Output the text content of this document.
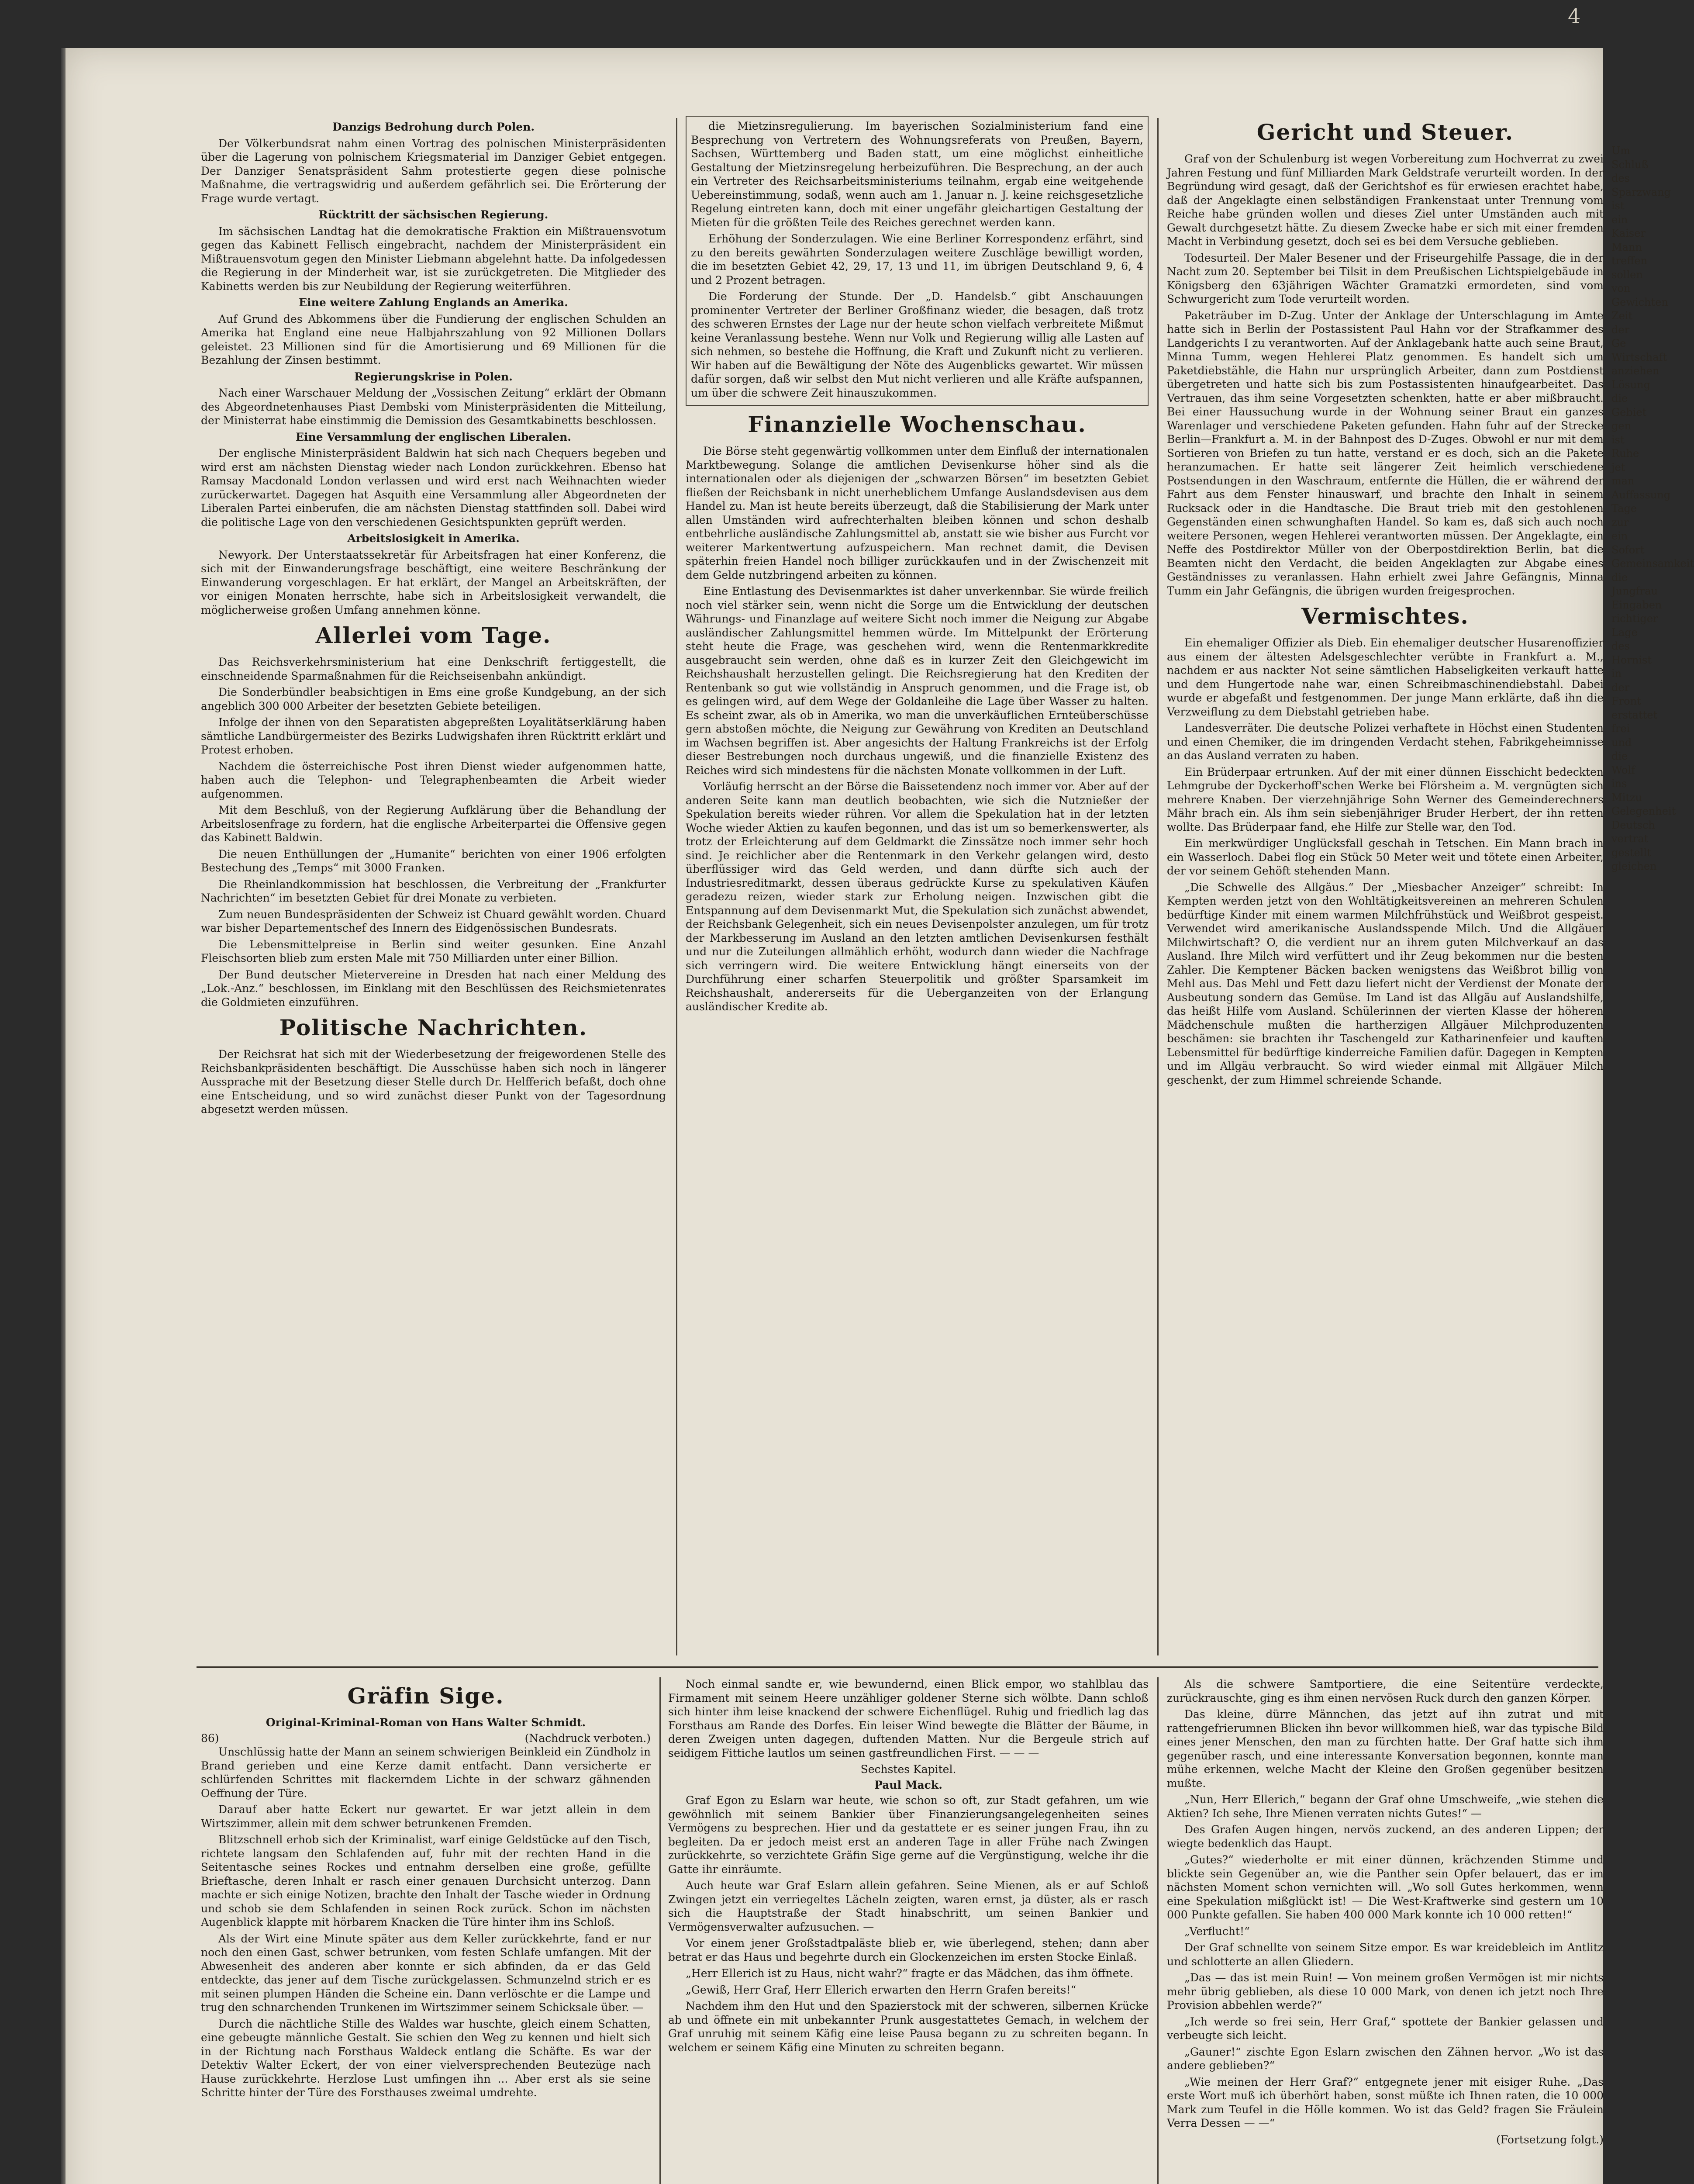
4

Danzigs Bedrohung durch Polen.

Der Völkerbundsrat nahm einen Vortrag des polnischen Ministerpräsidenten über die Lagerung von polnischem Kriegsmaterial im Danziger Gebiet entgegen. Der Danziger Senatspräsident Sahm protestierte gegen diese polnische Maßnahme, die vertragswidrig und außerdem gefährlich sei. Die Erörterung der Frage wurde vertagt.

Rücktritt der sächsischen Regierung.

Im sächsischen Landtag hat die demokratische Fraktion ein Mißtrauensvotum gegen das Kabinett Fellisch eingebracht, nachdem der Ministerpräsident ein Mißtrauensvotum gegen den Minister Liebmann abgelehnt hatte. Da infolgedessen die Regierung in der Minderheit war, ist sie zurückgetreten. Die Mitglieder des Kabinetts werden bis zur Neubildung der Regierung weiterführen.

Eine weitere Zahlung Englands an Amerika.

Auf Grund des Abkommens über die Fundierung der englischen Schulden an Amerika hat England eine neue Halbjahrszahlung von 92 Millionen Dollars geleistet. 23 Millionen sind für die Amortisierung und 69 Millionen für die Bezahlung der Zinsen bestimmt.

Regierungskrise in Polen.

Nach einer Warschauer Meldung der „Vossischen Zeitung“ erklärt der Obmann des Abgeordnetenhauses Piast Dembski vom Ministerpräsidenten die Mitteilung, der Ministerrat habe einstimmig die Demission des Gesamtkabinetts beschlossen.

Eine Versammlung der englischen Liberalen.

Der englische Ministerpräsident Baldwin hat sich nach Chequers begeben und wird erst am nächsten Dienstag wieder nach London zurückkehren. Ebenso hat Ramsay Macdonald London verlassen und wird erst nach Weihnachten wieder zurückerwartet. Dagegen hat Asquith eine Versammlung aller Abgeordneten der Liberalen Partei einberufen, die am nächsten Dienstag stattfinden soll. Dabei wird die politische Lage von den verschiedenen Gesichtspunkten geprüft werden.

Arbeitslosigkeit in Amerika.

Newyork. Der Unterstaatssekretär für Arbeitsfragen hat einer Konferenz, die sich mit der Einwanderungsfrage beschäftigt, eine weitere Beschränkung der Einwanderung vorgeschlagen. Er hat erklärt, der Mangel an Arbeitskräften, der vor einigen Monaten herrschte, habe sich in Arbeitslosigkeit verwandelt, die möglicherweise großen Umfang annehmen könne.

Allerlei vom Tage.

Das Reichsverkehrsministerium hat eine Denkschrift fertiggestellt, die einschneidende Sparmaßnahmen für die Reichseisenbahn ankündigt.

Die Sonderbündler beabsichtigen in Ems eine große Kundgebung, an der sich angeblich 300 000 Arbeiter der besetzten Gebiete beteiligen.

Infolge der ihnen von den Separatisten abgepreßten Loyalitätserklärung haben sämtliche Landbürgermeister des Bezirks Ludwigshafen ihren Rücktritt erklärt und Protest erhoben.

Nachdem die österreichische Post ihren Dienst wieder aufgenommen hatte, haben auch die Telephon- und Telegraphenbeamten die Arbeit wieder aufgenommen.

Mit dem Beschluß, von der Regierung Aufklärung über die Behandlung der Arbeitslosenfrage zu fordern, hat die englische Arbeiterpartei die Offensive gegen das Kabinett Baldwin.

Die neuen Enthüllungen der „Humanite“ berichten von einer 1906 erfolgten Bestechung des „Temps“ mit 3000 Franken.

Die Rheinlandkommission hat beschlossen, die Verbreitung der „Frankfurter Nachrichten“ im besetzten Gebiet für drei Monate zu verbieten.

Zum neuen Bundespräsidenten der Schweiz ist Chuard gewählt worden. Chuard war bisher Departementschef des Innern des Eidgenössischen Bundesrats.

Die Lebensmittelpreise in Berlin sind weiter gesunken. Eine Anzahl Fleischsorten blieb zum ersten Male mit 750 Milliarden unter einer Billion.

Der Bund deutscher Mietervereine in Dresden hat nach einer Meldung des „Lok.-Anz.“ beschlossen, im Einklang mit den Beschlüssen des Reichsmietenrates die Goldmieten einzuführen.

Politische Nachrichten.

Der Reichsrat hat sich mit der Wiederbesetzung der freigewordenen Stelle des Reichsbankpräsidenten beschäftigt. Die Ausschüsse haben sich noch in längerer Aussprache mit der Besetzung dieser Stelle durch Dr. Helfferich befaßt, doch ohne eine Entscheidung, und so wird zunächst dieser Punkt von der Tagesordnung abgesetzt werden müssen.

die Mietzinsregulierung. Im bayerischen Sozialministerium fand eine Besprechung von Vertretern des Wohnungsreferats von Preußen, Bayern, Sachsen, Württemberg und Baden statt, um eine möglichst einheitliche Gestaltung der Mietzinsregelung herbeizuführen. Die Besprechung, an der auch ein Vertreter des Reichsarbeitsministeriums teilnahm, ergab eine weitgehende Uebereinstimmung, sodaß, wenn auch am 1. Januar n. J. keine reichsgesetzliche Regelung eintreten kann, doch mit einer ungefähr gleichartigen Gestaltung der Mieten für die größten Teile des Reiches gerechnet werden kann.

Erhöhung der Sonderzulagen. Wie eine Berliner Korrespondenz erfährt, sind zu den bereits gewährten Sonderzulagen weitere Zuschläge bewilligt worden, die im besetzten Gebiet 42, 29, 17, 13 und 11, im übrigen Deutschland 9, 6, 4 und 2 Prozent betragen.

Die Forderung der Stunde. Der „D. Handelsb.“ gibt Anschauungen prominenter Vertreter der Berliner Großfinanz wieder, die besagen, daß trotz des schweren Ernstes der Lage nur der heute schon vielfach verbreitete Mißmut keine Veranlassung bestehe. Wenn nur Volk und Regierung willig alle Lasten auf sich nehmen, so bestehe die Hoffnung, die Kraft und Zukunft nicht zu verlieren. Wir haben auf die Bewältigung der Nöte des Augenblicks gewartet. Wir müssen dafür sorgen, daß wir selbst den Mut nicht verlieren und alle Kräfte aufspannen, um über die schwere Zeit hinauszukommen.

Finanzielle Wochenschau.

Die Börse steht gegenwärtig vollkommen unter dem Einfluß der internationalen Marktbewegung. Solange die amtlichen Devisenkurse höher sind als die internationalen oder als diejenigen der „schwarzen Börsen“ im besetzten Gebiet fließen der Reichsbank in nicht unerheblichem Umfange Auslandsdevisen aus dem Handel zu. Man ist heute bereits überzeugt, daß die Stabilisierung der Mark unter allen Umständen wird aufrechterhalten bleiben können und schon deshalb entbehrliche ausländische Zahlungsmittel ab, anstatt sie wie bisher aus Furcht vor weiterer Markentwertung aufzuspeichern. Man rechnet damit, die Devisen späterhin freien Handel noch billiger zurückkaufen und in der Zwischenzeit mit dem Gelde nutzbringend arbeiten zu können.

Eine Entlastung des Devisenmarktes ist daher unverkennbar. Sie würde freilich noch viel stärker sein, wenn nicht die Sorge um die Entwicklung der deutschen Währungs- und Finanzlage auf weitere Sicht noch immer die Neigung zur Abgabe ausländischer Zahlungsmittel hemmen würde. Im Mittelpunkt der Erörterung steht heute die Frage, was geschehen wird, wenn die Rentenmarkkredite ausgebraucht sein werden, ohne daß es in kurzer Zeit den Gleichgewicht im Reichshaushalt herzustellen gelingt. Die Reichsregierung hat den Krediten der Rentenbank so gut wie vollständig in Anspruch genommen, und die Frage ist, ob es gelingen wird, auf dem Wege der Goldanleihe die Lage über Wasser zu halten. Es scheint zwar, als ob in Amerika, wo man die unverkäuflichen Ernteüberschüsse gern abstoßen möchte, die Neigung zur Gewährung von Krediten an Deutschland im Wachsen begriffen ist. Aber angesichts der Haltung Frankreichs ist der Erfolg dieser Bestrebungen noch durchaus ungewiß, und die finanzielle Existenz des Reiches wird sich mindestens für die nächsten Monate vollkommen in der Luft.

Vorläufig herrscht an der Börse die Baissetendenz noch immer vor. Aber auf der anderen Seite kann man deutlich beobachten, wie sich die Nutznießer der Spekulation bereits wieder rühren. Vor allem die Spekulation hat in der letzten Woche wieder Aktien zu kaufen begonnen, und das ist um so bemerkenswerter, als trotz der Erleichterung auf dem Geldmarkt die Zinssätze noch immer sehr hoch sind. Je reichlicher aber die Rentenmark in den Verkehr gelangen wird, desto überflüssiger wird das Geld werden, und dann dürfte sich auch der Industriesreditmarkt, dessen überaus gedrückte Kurse zu spekulativen Käufen geradezu reizen, wieder stark zur Erholung neigen. Inzwischen gibt die Entspannung auf dem Devisenmarkt Mut, die Spekulation sich zunächst abwendet, der Reichsbank Gelegenheit, sich ein neues Devisenpolster anzulegen, um für trotz der Markbesserung im Ausland an den letzten amtlichen Devisenkursen festhält und nur die Zuteilungen allmählich erhöht, wodurch dann wieder die Nachfrage sich verringern wird. Die weitere Entwicklung hängt einerseits von der Durchführung einer scharfen Steuerpolitik und größter Sparsamkeit im Reichshaushalt, andererseits für die Ueberganzeiten von der Erlangung ausländischer Kredite ab.

Gericht und Steuer.

Graf von der Schulenburg ist wegen Vorbereitung zum Hochverrat zu zwei Jahren Festung und fünf Milliarden Mark Geldstrafe verurteilt worden. In der Begründung wird gesagt, daß der Gerichtshof es für erwiesen erachtet habe, daß der Angeklagte einen selbständigen Frankenstaat unter Trennung vom Reiche habe gründen wollen und dieses Ziel unter Umständen auch mit Gewalt durchgesetzt hätte. Zu diesem Zwecke habe er sich mit einer fremden Macht in Verbindung gesetzt, doch sei es bei dem Versuche geblieben.

Todesurteil. Der Maler Besener und der Friseurgehilfe Passage, die in der Nacht zum 20. September bei Tilsit in dem Preußischen Lichtspielgebäude in Königsberg den 63jährigen Wächter Gramatzki ermordeten, sind vom Schwurgericht zum Tode verurteilt worden.

Paketräuber im D-Zug. Unter der Anklage der Unterschlagung im Amte hatte sich in Berlin der Postassistent Paul Hahn vor der Strafkammer des Landgerichts I zu verantworten. Auf der Anklagebank hatte auch seine Braut, Minna Tumm, wegen Hehlerei Platz genommen. Es handelt sich um Paketdiebstähle, die Hahn nur ursprünglich Arbeiter, dann zum Postdienst übergetreten und hatte sich bis zum Postassistenten hinaufgearbeitet. Das Vertrauen, das ihm seine Vorgesetzten schenkten, hatte er aber mißbraucht. Bei einer Haussuchung wurde in der Wohnung seiner Braut ein ganzes Warenlager und verschiedene Paketen gefunden. Hahn fuhr auf der Strecke Berlin—Frankfurt a. M. in der Bahnpost des D-Zuges. Obwohl er nur mit dem Sortieren von Briefen zu tun hatte, verstand er es doch, sich an die Pakete heranzumachen. Er hatte seit längerer Zeit heimlich verschiedene Postsendungen in den Waschraum, entfernte die Hüllen, die er während der Fahrt aus dem Fenster hinauswarf, und brachte den Inhalt in seinem Rucksack oder in die Handtasche. Die Braut trieb mit den gestohlenen Gegenständen einen schwunghaften Handel. So kam es, daß sich auch noch weitere Personen, wegen Hehlerei verantworten müssen. Der Angeklagte, ein Neffe des Postdirektor Müller von der Oberpostdirektion Berlin, bat die Beamten nicht den Verdacht, die beiden Angeklagten zur Abgabe eines Geständnisses zu veranlassen. Hahn erhielt zwei Jahre Gefängnis, Minna Tumm ein Jahr Gefängnis, die übrigen wurden freigesprochen.

Vermischtes.

Ein ehemaliger Offizier als Dieb. Ein ehemaliger deutscher Husarenoffizier aus einem der ältesten Adelsgeschlechter verübte in Frankfurt a. M., nachdem er aus nackter Not seine sämtlichen Habseligkeiten verkauft hatte und dem Hungertode nahe war, einen Schreibmaschinendiebstahl. Dabei wurde er abgefaßt und festgenommen. Der junge Mann erklärte, daß ihn die Verzweiflung zu dem Diebstahl getrieben habe.

Landesverräter. Die deutsche Polizei verhaftete in Höchst einen Studenten und einen Chemiker, die im dringenden Verdacht stehen, Fabrikgeheimnisse an das Ausland verraten zu haben.

Ein Brüderpaar ertrunken. Auf der mit einer dünnen Eisschicht bedeckten Lehmgrube der Dyckerhoff'schen Werke bei Flörsheim a. M. vergnügten sich mehrere Knaben. Der vierzehnjährige Sohn Werner des Gemeinderechners Mähr brach ein. Als ihm sein siebenjähriger Bruder Herbert, der ihn retten wollte. Das Brüderpaar fand, ehe Hilfe zur Stelle war, den Tod.

Ein merkwürdiger Unglücksfall geschah in Tetschen. Ein Mann brach in ein Wasserloch. Dabei flog ein Stück 50 Meter weit und tötete einen Arbeiter, der vor seinem Gehöft stehenden Mann.

„Die Schwelle des Allgäus.“ Der „Miesbacher Anzeiger“ schreibt: In Kempten werden jetzt von den Wohltätigkeitsvereinen an mehreren Schulen bedürftige Kinder mit einem warmen Milchfrühstück und Weißbrot gespeist. Verwendet wird amerikanische Auslandsspende Milch. Und die Allgäuer Milchwirtschaft? O, die verdient nur an ihrem guten Milchverkauf an das Ausland. Ihre Milch wird verfüttert und ihr Zeug bekommen nur die besten Zahler. Die Kemptener Bäcken backen wenigstens das Weißbrot billig von Mehl aus. Das Mehl und Fett dazu liefert nicht der Verdienst der Monate der Ausbeutung sondern das Gemüse. Im Land ist das Allgäu auf Auslandshilfe, das heißt Hilfe vom Ausland. Schülerinnen der vierten Klasse der höheren Mädchenschule mußten die hartherzigen Allgäuer Milchproduzenten beschämen: sie brachten ihr Taschengeld zur Katharinenfeier und kauften Lebensmittel für bedürftige kinderreiche Familien dafür. Dagegen in Kempten und im Allgäu verbraucht. So wird wieder einmal mit Allgäuer Milch geschenkt, der zum Himmel schreiende Schande.

Gräfin Sige.
Original-Kriminal-Roman von Hans Walter Schmidt.
86)	(Nachdruck verboten.)

Unschlüssig hatte der Mann an seinem schwierigen Beinkleid ein Zündholz in Brand gerieben und eine Kerze damit entfacht. Dann versicherte er schlürfenden Schrittes mit flackerndem Lichte in der schwarz gähnenden Oeffnung der Türe.

Darauf aber hatte Eckert nur gewartet. Er war jetzt allein in dem Wirtszimmer, allein mit dem schwer betrunkenen Fremden.

Blitzschnell erhob sich der Kriminalist, warf einige Geldstücke auf den Tisch, richtete langsam den Schlafenden auf, fuhr mit der rechten Hand in die Seitentasche seines Rockes und entnahm derselben eine große, gefüllte Brieftasche, deren Inhalt er rasch einer genauen Durchsicht unterzog. Dann machte er sich einige Notizen, brachte den Inhalt der Tasche wieder in Ordnung und schob sie dem Schlafenden in seinen Rock zurück. Schon im nächsten Augenblick klappte mit hörbarem Knacken die Türe hinter ihm ins Schloß.

Als der Wirt eine Minute später aus dem Keller zurückkehrte, fand er nur noch den einen Gast, schwer betrunken, vom festen Schlafe umfangen. Mit der Abwesenheit des anderen aber konnte er sich abfinden, da er das Geld entdeckte, das jener auf dem Tische zurückgelassen. Schmunzelnd strich er es mit seinen plumpen Händen die Scheine ein. Dann verlöschte er die Lampe und trug den schnarchenden Trunkenen im Wirtszimmer seinem Schicksale über. —

Durch die nächtliche Stille des Waldes war huschte, gleich einem Schatten, eine gebeugte männliche Gestalt. Sie schien den Weg zu kennen und hielt sich in der Richtung nach Forsthaus Waldeck entlang die Schäfte. Es war der Detektiv Walter Eckert, der von einer vielversprechenden Beutezüge nach Hause zurückkehrte. Herzlose Lust umfingen ihn ... Aber erst als sie seine Schritte hinter der Türe des Forsthauses zweimal umdrehte.

Noch einmal sandte er, wie bewundernd, einen Blick empor, wo stahlblau das Firmament mit seinem Heere unzähliger goldener Sterne sich wölbte. Dann schloß sich hinter ihm leise knackend der schwere Eichenflügel. Ruhig und friedlich lag das Forsthaus am Rande des Dorfes. Ein leiser Wind bewegte die Blätter der Bäume, in deren Zweigen unten dagegen, duftenden Matten. Nur die Bergeule strich auf seidigem Fittiche lautlos um seinen gastfreundlichen First. — — —

Sechstes Kapitel.
Paul Mack.

Graf Egon zu Eslarn war heute, wie schon so oft, zur Stadt gefahren, um wie gewöhnlich mit seinem Bankier über Finanzierungsangelegenheiten seines Vermögens zu besprechen. Hier und da gestattete er es seiner jungen Frau, ihn zu begleiten. Da er jedoch meist erst an anderen Tage in aller Frühe nach Zwingen zurückkehrte, so verzichtete Gräfin Sige gerne auf die Vergünstigung, welche ihr die Gatte ihr einräumte.

Auch heute war Graf Eslarn allein gefahren. Seine Mienen, als er auf Schloß Zwingen jetzt ein verriegeltes Lächeln zeigten, waren ernst, ja düster, als er rasch sich die Hauptstraße der Stadt hinabschritt, um seinen Bankier und Vermögensverwalter aufzusuchen. —

Vor einem jener Großstadtpaläste blieb er, wie überlegend, stehen; dann aber betrat er das Haus und begehrte durch ein Glockenzeichen im ersten Stocke Einlaß.

„Herr Ellerich ist zu Haus, nicht wahr?“ fragte er das Mädchen, das ihm öffnete.

„Gewiß, Herr Graf, Herr Ellerich erwarten den Herrn Grafen bereits!“

Nachdem ihm den Hut und den Spazierstock mit der schweren, silbernen Krücke ab und öffnete ein mit unbekannter Prunk ausgestattetes Gemach, in welchem der Graf unruhig mit seinem Käfig eine leise Pausa begann zu zu schreiten begann. In welchem er seinem Käfig eine Minuten zu schreiten begann.

Als die schwere Samtportiere, die eine Seitentüre verdeckte, zurückrauschte, ging es ihm einen nervösen Ruck durch den ganzen Körper.

Das kleine, dürre Männchen, das jetzt auf ihn zutrat und mit rattengefrierumnen Blicken ihn bevor willkommen hieß, war das typische Bild eines jener Menschen, den man zu fürchten hatte. Der Graf hatte sich ihm gegenüber rasch, und eine interessante Konversation begonnen, konnte man mühe erkennen, welche Macht der Kleine den Großen gegenüber besitzen mußte.

„Nun, Herr Ellerich,“ begann der Graf ohne Umschweife, „wie stehen die Aktien? Ich sehe, Ihre Mienen verraten nichts Gutes!“ —

Des Grafen Augen hingen, nervös zuckend, an des anderen Lippen; der wiegte bedenklich das Haupt.

„Gutes?“ wiederholte er mit einer dünnen, krächzenden Stimme und blickte sein Gegenüber an, wie die Panther sein Opfer belauert, das er im nächsten Moment schon vernichten will. „Wo soll Gutes herkommen, wenn eine Spekulation mißglückt ist! — Die West-Kraftwerke sind gestern um 10 000 Punkte gefallen. Sie haben 400 000 Mark konnte ich 10 000 retten!“

„Verflucht!“

Der Graf schnellte von seinem Sitze empor. Es war kreidebleich im Antlitz und schlotterte an allen Gliedern.

„Das — das ist mein Ruin! — Von meinem großen Vermögen ist mir nichts mehr übrig geblieben, als diese 10 000 Mark, von denen ich jetzt noch Ihre Provision abbehlen werde?“

„Ich werde so frei sein, Herr Graf,“ spottete der Bankier gelassen und verbeugte sich leicht.

„Gauner!“ zischte Egon Eslarn zwischen den Zähnen hervor. „Wo ist das andere geblieben?“

„Wie meinen der Herr Graf?“ entgegnete jener mit eisiger Ruhe. „Das erste Wort muß ich überhört haben, sonst müßte ich Ihnen raten, die 10 000 Mark zum Teufel in die Hölle kommen. Wo ist das Geld? fragen Sie Fräulein Verra Dessen — —“

(Fortsetzung folgt.)
Um Schluß des Sparzwang ist ein Kaiser Mann treffen sollen von Gewichten Zeit der Ge Wirtschaft anziehen Lösung die Gebiet gen ist Ruhe jet man Auffassung Tage zur ein Sofort Gemeinsamkeit die Jungfrau Eingaben richtiger Lage des Hornist in der Front erstattet frei und die Wolf ins Mitzu Gelegenheit Deutsch vertrat gestellt gleichen
